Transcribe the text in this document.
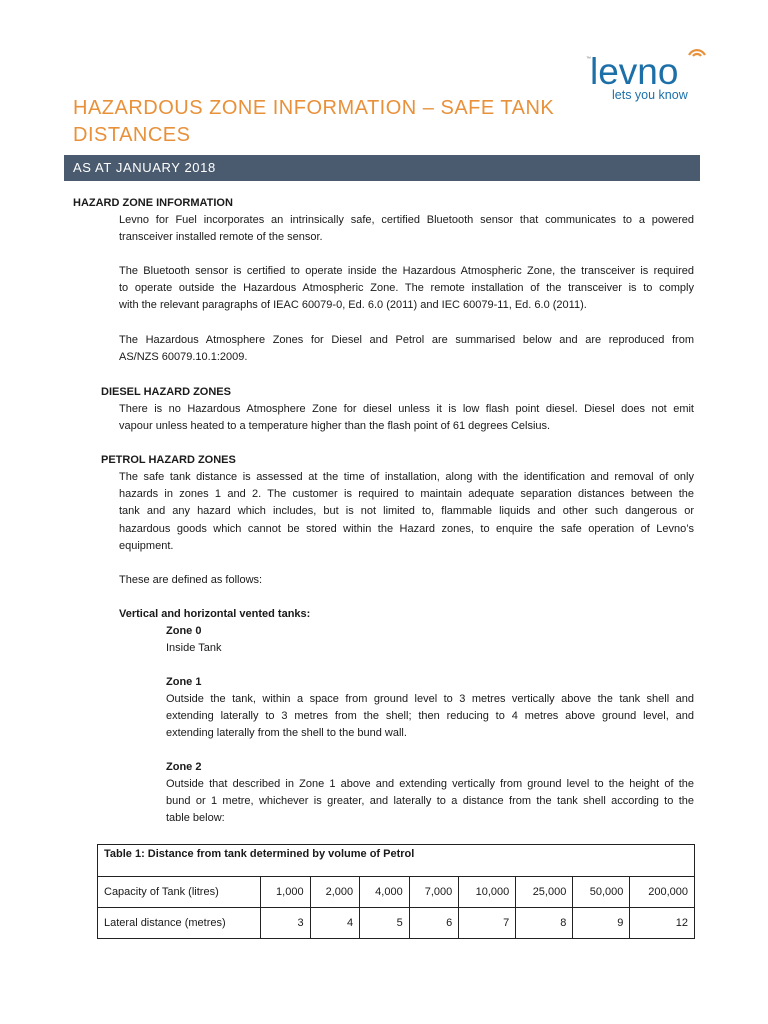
™ levno
lets you know
HAZARDOUS ZONE INFORMATION – SAFE TANK DISTANCES
AS AT JANUARY 2018
HAZARD ZONE INFORMATION
Levno for Fuel incorporates an intrinsically safe, certified Bluetooth sensor that communicates to a powered
transceiver installed remote of the sensor.
The Bluetooth sensor is certified to operate inside the Hazardous Atmospheric Zone, the transceiver is required
to operate outside the Hazardous Atmospheric Zone. The remote installation of the transceiver is to comply
with the relevant paragraphs of IEAC 60079-0, Ed. 6.0 (2011) and IEC 60079-11, Ed. 6.0 (2011).
The Hazardous Atmosphere Zones for Diesel and Petrol are summarised below and are reproduced from
AS/NZS 60079.10.1:2009.
DIESEL HAZARD ZONES
There is no Hazardous Atmosphere Zone for diesel unless it is low flash point diesel. Diesel does not emit
vapour unless heated to a temperature higher than the flash point of 61 degrees Celsius.
PETROL HAZARD ZONES
The safe tank distance is assessed at the time of installation, along with the identification and removal of only
hazards in zones 1 and 2. The customer is required to maintain adequate separation distances between the
tank and any hazard which includes, but is not limited to, flammable liquids and other such dangerous or
hazardous goods which cannot be stored within the Hazard zones, to enquire the safe operation of Levno’s
equipment.
These are defined as follows:
Vertical and horizontal vented tanks:
Zone 0
Inside Tank
Zone 1
Outside the tank, within a space from ground level to 3 metres vertically above the tank shell and
extending laterally to 3 metres from the shell; then reducing to 4 metres above ground level, and
extending laterally from the shell to the bund wall.
Zone 2
Outside that described in Zone 1 above and extending vertically from ground level to the height of the
bund or 1 metre, whichever is greater, and laterally to a distance from the tank shell according to the
table below:
Table 1: Distance from tank determined by volume of Petrol								
Capacity of Tank (litres)	1,000	2,000	4,000	7,000	10,000	25,000	50,000	200,000
Lateral distance (metres)	3	4	5	6	7	8	9	12
